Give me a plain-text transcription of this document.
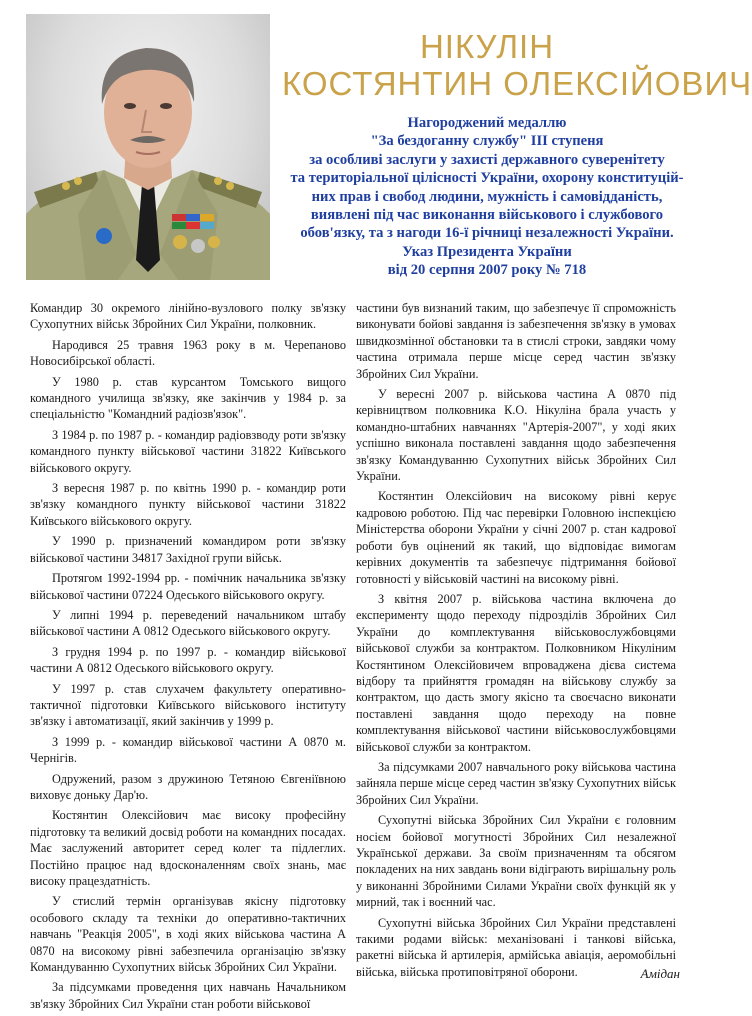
НІКУЛІН
КОСТЯНТИН ОЛЕКСІЙОВИЧ
Нагороджений медаллю
"За бездоганну службу" ІІІ ступеня
за особливі заслуги у захисті державного суверенітету
та територіальної цілісності України, охорону конституцій-
них прав і свобод людини, мужність і самовідданість,
виявлені під час виконання військового і службового
обов'язку, та з нагоди 16-ї річниці незалежності України.
Указ Президента України
від 20 серпня 2007 року № 718

Командир 30 окремого лінійно-вузлового полку зв'язку Сухопутних військ Збройних Сил України, полковник.

Народився 25 травня 1963 року в м. Черепаново Новосибірської області.

У 1980 р. став курсантом Томського вищого командного училища зв'язку, яке закінчив у 1984 р. за спеціальністю "Командний радіозв'язок".

З 1984 р. по 1987 р. - командир радіовзводу роти зв'язку командного пункту військової частини 31822 Київського військового округу.

З вересня 1987 р. по квітнь 1990 р. - командир роти зв'язку командного пункту військової частини 31822 Київського військового округу.

У 1990 р. призначений командиром роти зв'язку військової частини 34817 Західної групи військ.

Протягом 1992-1994 рр. - помічник начальника зв'язку військової частини 07224 Одеського військового округу.

У липні 1994 р. переведений начальником штабу військової частини А 0812 Одеського військового округу.

З грудня 1994 р. по 1997 р. - командир військової частини А 0812 Одеського військового округу.

У 1997 р. став слухачем факультету оперативно-тактичної підготовки Київського військового інституту зв'язку і автоматизації, який закінчив у 1999 р.

З 1999 р. - командир військової частини А 0870 м. Чернігів.

Одружений, разом з дружиною Тетяною Євгеніївною виховує доньку Дар'ю.

Костянтин Олексійович має високу професійну підготовку та великий досвід роботи на командних посадах. Має заслужений авторитет серед колег та підлеглих. Постійно працює над вдосконаленням своїх знань, має високу працездатність.

У стислий термін організував якісну підготовку особового складу та техніки до оперативно-тактичних навчань "Реакція 2005", в ході яких військова частина А 0870 на високому рівні забезпечила організацію зв'язку Командуванню Сухопутних військ Збройних Сил України.

За підсумками проведення цих навчань Начальником зв'язку Збройних Сил України стан роботи військової

частини був визнаний таким, що забезпечує її спроможність виконувати бойові завдання із забезпечення зв'язку в умовах швидкозмінної обстановки та в стислі строки, завдяки чому частина отримала перше місце серед частин зв'язку Збройних Сил України.

У вересні 2007 р. військова частина А 0870 під керівництвом полковника К.О. Нікуліна брала участь у командно-штабних навчаннях "Артерія-2007", у ході яких успішно виконала поставлені завдання щодо забезпечення зв'язку Командуванню Сухопутних військ Збройних Сил України.

Костянтин Олексійович на високому рівні керує кадровою роботою. Під час перевірки Головною інспекцією Міністерства оборони України у січні 2007 р. стан кадрової роботи був оцінений як такий, що відповідає вимогам керівних документів та забезпечує підтримання бойової готовності у військовій частині на високому рівні.

З квітня 2007 р. військова частина включена до експерименту щодо переходу підрозділів Збройних Сил України до комплектування військовослужбовцями військової служби за контрактом. Полковником Нікуліним Костянтином Олексійовичем впроваджена дієва система відбору та прийняття громадян на військову службу за контрактом, що дасть змогу якісно та своєчасно виконати поставлені завдання щодо переходу на повне комплектування військової частини військовослужбовцями військової служби за контрактом.

За підсумками 2007 навчального року військова частина зайняла перше місце серед частин зв'язку Сухопутних військ Збройних Сил України.

Сухопутні війська Збройних Сил України є головним носієм бойової могутності Збройних Сил незалежної Української держави. За своїм призначенням та обсягом покладених на них завдань вони відіграють вирішальну роль у виконанні Збройними Силами України своїх функцій як у мирний, так і воєнний час.

Сухопутні війська Збройних Сил України представлені такими родами військ: механізовані і танкові війська, ракетні війська й артилерія, армійська авіація, аеромобільні війська, війська протиповітряної оборони.	Амідан
